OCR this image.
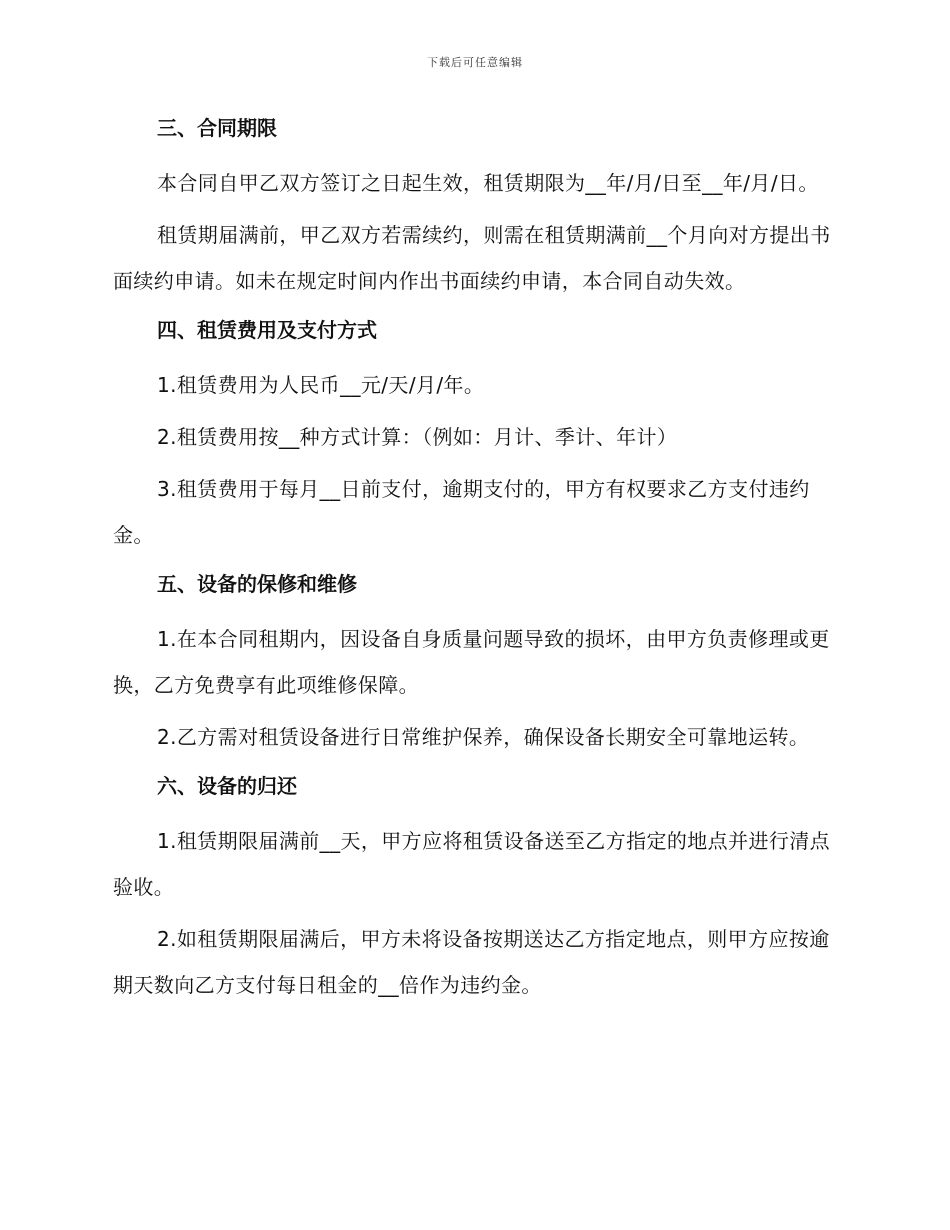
下载后可任意编辑
三、合同期限
本合同自甲乙双方签订之日起生效，租赁期限为__年/月/日至__年/月/日。
租赁期届满前，甲乙双方若需续约，则需在租赁期满前__个月向对方提出书面续约申请。如未在规定时间内作出书面续约申请，本合同自动失效。
四、租赁费用及支付方式
1.租赁费用为人民币__元/天/月/年。
2.租赁费用按__种方式计算：（例如：月计、季计、年计）
3.租赁费用于每月__日前支付，逾期支付的，甲方有权要求乙方支付违约金。
五、设备的保修和维修
1.在本合同租期内，因设备自身质量问题导致的损坏，由甲方负责修理或更换，乙方免费享有此项维修保障。
2.乙方需对租赁设备进行日常维护保养，确保设备长期安全可靠地运转。
六、设备的归还
1.租赁期限届满前__天，甲方应将租赁设备送至乙方指定的地点并进行清点验收。
2.如租赁期限届满后，甲方未将设备按期送达乙方指定地点，则甲方应按逾期天数向乙方支付每日租金的__倍作为违约金。
